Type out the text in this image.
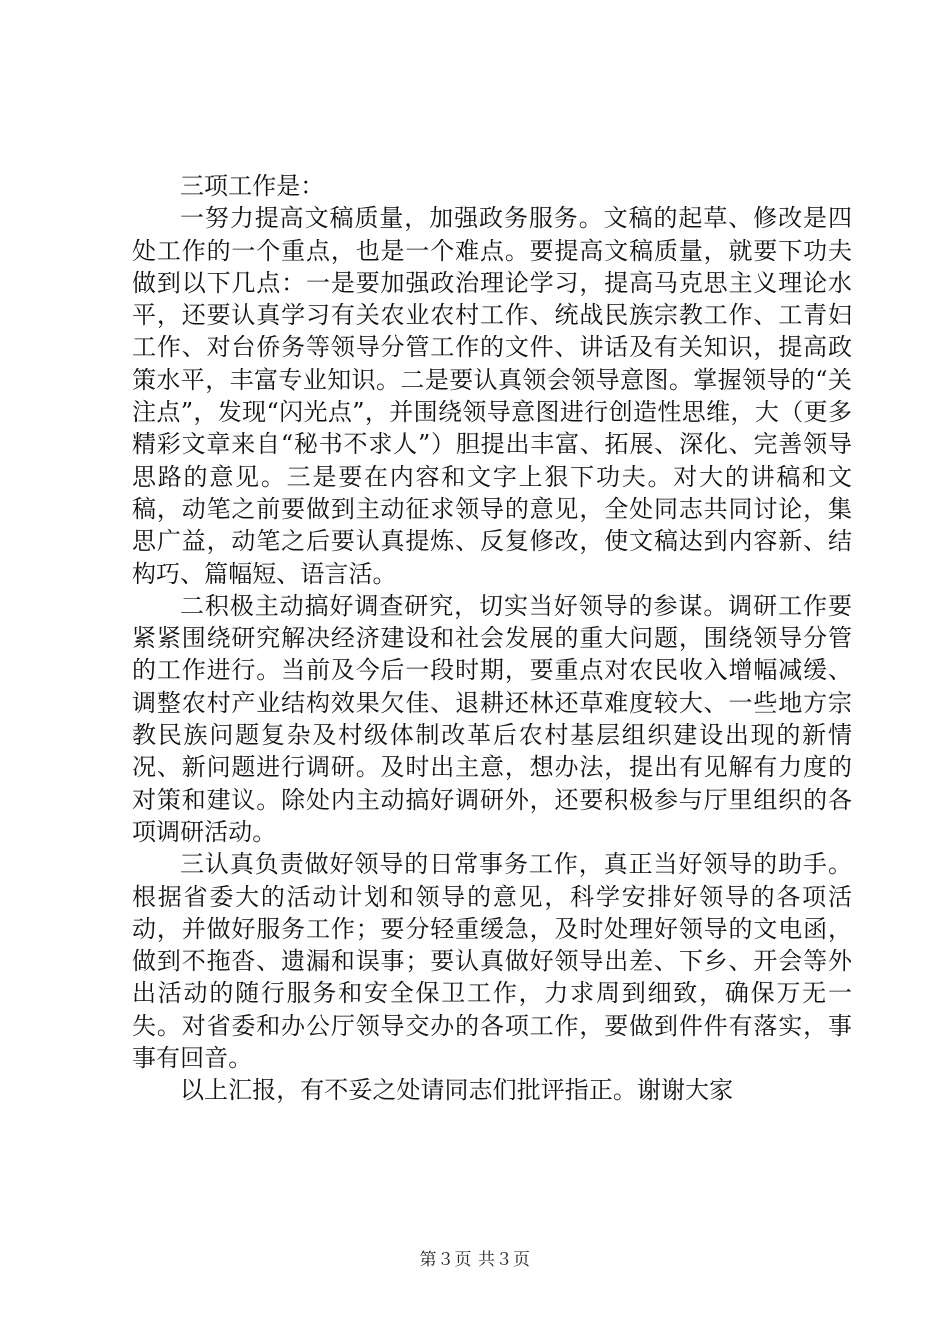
三项工作是：

一努力提高文稿质量，加强政务服务。文稿的起草、修改是四处工作的一个重点，也是一个难点。要提高文稿质量，就要下功夫做到以下几点：一是要加强政治理论学习，提高马克思主义理论水平，还要认真学习有关农业农村工作、统战民族宗教工作、工青妇工作、对台侨务等领导分管工作的文件、讲话及有关知识，提高政策水平，丰富专业知识。二是要认真领会领导意图。掌握领导的“关注点”，发现“闪光点”，并围绕领导意图进行创造性思维，大（更多精彩文章来自“秘书不求人”）胆提出丰富、拓展、深化、完善领导思路的意见。三是要在内容和文字上狠下功夫。对大的讲稿和文稿，动笔之前要做到主动征求领导的意见，全处同志共同讨论，集思广益，动笔之后要认真提炼、反复修改，使文稿达到内容新、结构巧、篇幅短、语言活。

二积极主动搞好调查研究，切实当好领导的参谋。调研工作要紧紧围绕研究解决经济建设和社会发展的重大问题，围绕领导分管的工作进行。当前及今后一段时期，要重点对农民收入增幅减缓、调整农村产业结构效果欠佳、退耕还林还草难度较大、一些地方宗教民族问题复杂及村级体制改革后农村基层组织建设出现的新情况、新问题进行调研。及时出主意，想办法，提出有见解有力度的对策和建议。除处内主动搞好调研外，还要积极参与厅里组织的各项调研活动。

三认真负责做好领导的日常事务工作，真正当好领导的助手。根据省委大的活动计划和领导的意见，科学安排好领导的各项活动，并做好服务工作；要分轻重缓急，及时处理好领导的文电函，做到不拖沓、遗漏和误事；要认真做好领导出差、下乡、开会等外出活动的随行服务和安全保卫工作，力求周到细致，确保万无一失。对省委和办公厅领导交办的各项工作，要做到件件有落实，事事有回音。

以上汇报，有不妥之处请同志们批评指正。谢谢大家

第３页 共３页
